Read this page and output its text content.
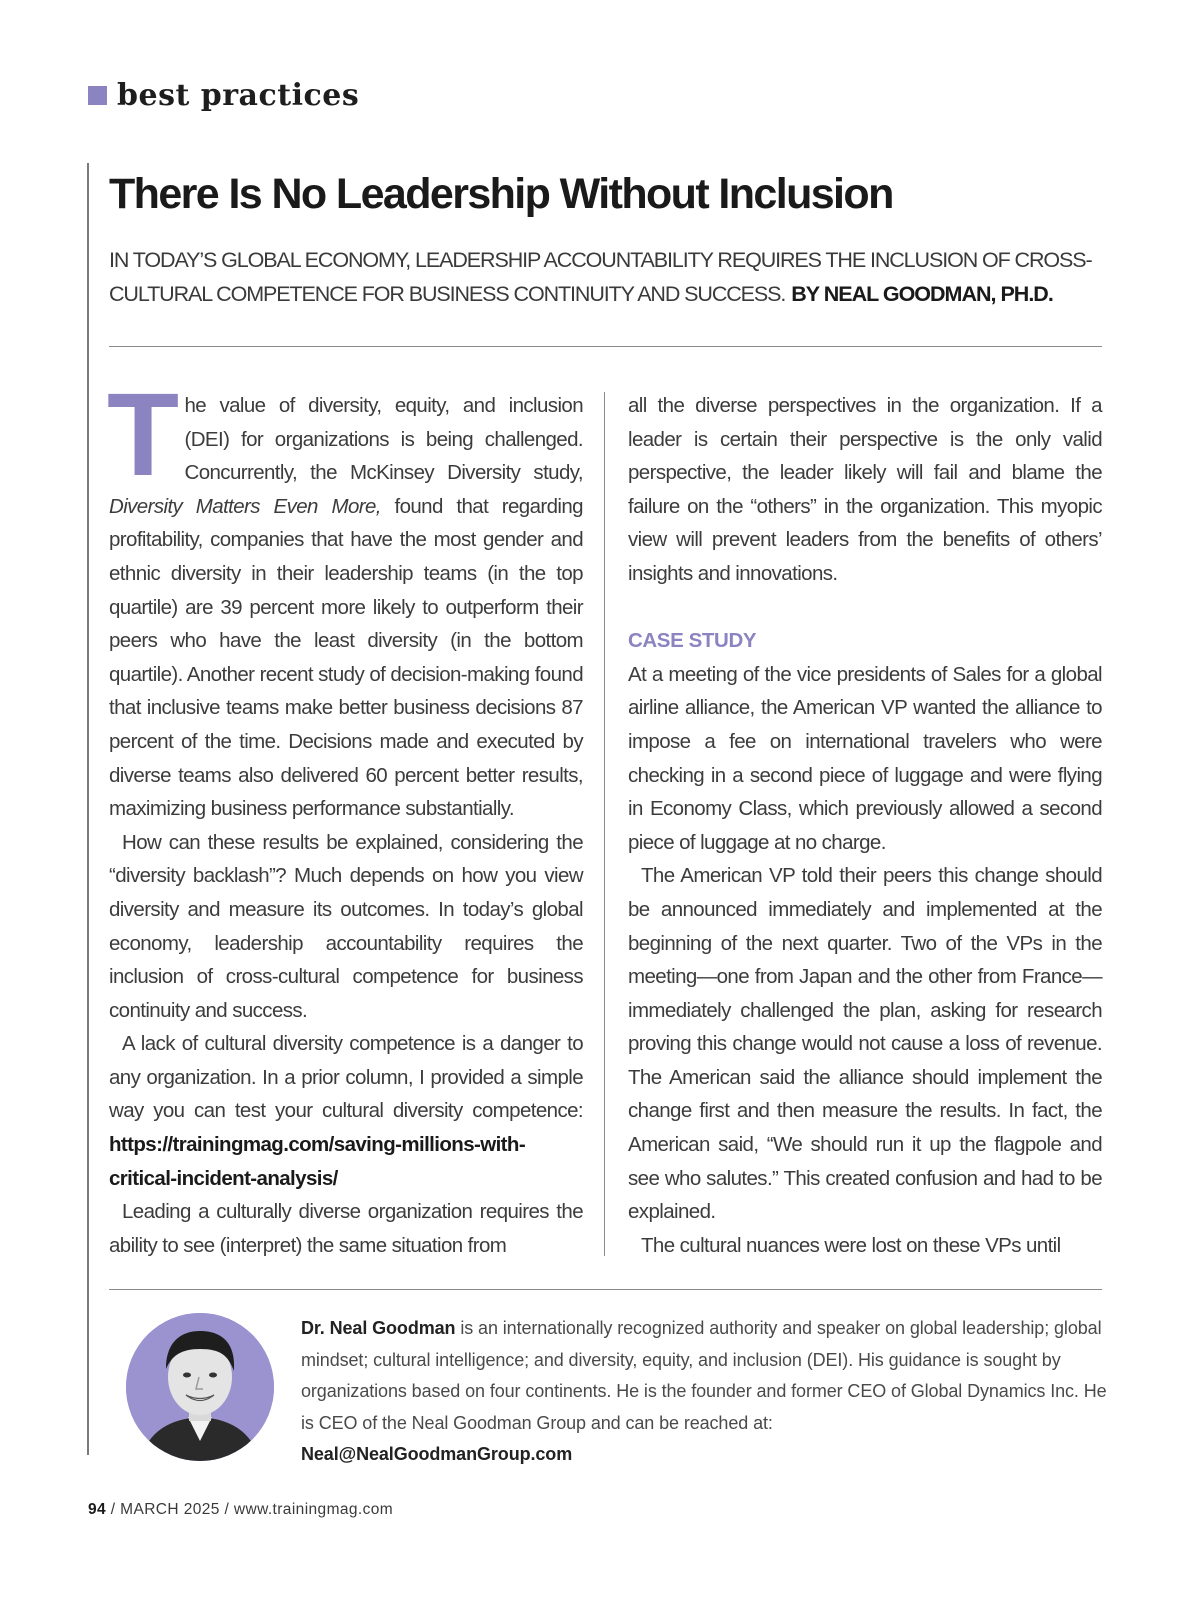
best practices
There Is No Leadership Without Inclusion

IN TODAY’S GLOBAL ECONOMY, LEADERSHIP ACCOUNTABILITY REQUIRES THE INCLUSION OF CROSS-CULTURAL COMPETENCE FOR BUSINESS CONTINUITY AND SUCCESS. BY NEAL GOODMAN, PH.D.

The value of diversity, equity, and inclusion (DEI) for organizations is being challenged. Concurrently, the McKinsey Diversity study, Diversity Matters Even More, found that regarding profitability, companies that have the most gender and ethnic diversity in their leadership teams (in the top quartile) are 39 percent more likely to outperform their peers who have the least diversity (in the bottom quartile). Another recent study of decision-making found that inclusive teams make better business decisions 87 percent of the time. Decisions made and executed by diverse teams also delivered 60 percent better results, maximizing business performance substantially.

How can these results be explained, considering the “diversity backlash”? Much depends on how you view diversity and measure its outcomes. In today’s global economy, leadership accountability requires the inclusion of cross-cultural competence for business continuity and success.

A lack of cultural diversity competence is a danger to any organization. In a prior column, I provided a simple way you can test your cultural diversity competence: https://trainingmag.com/saving-millions-with-critical-incident-analysis/

Leading a culturally diverse organization requires the ability to see (interpret) the same situation from

all the diverse perspectives in the organization. If a leader is certain their perspective is the only valid perspective, the leader likely will fail and blame the failure on the “others” in the organization. This myopic view will prevent leaders from the benefits of others’ insights and innovations.

CASE STUDY

At a meeting of the vice presidents of Sales for a global airline alliance, the American VP wanted the alliance to impose a fee on international travelers who were checking in a second piece of luggage and were flying in Economy Class, which previously allowed a second piece of luggage at no charge.

The American VP told their peers this change should be announced immediately and implemented at the beginning of the next quarter. Two of the VPs in the meeting—one from Japan and the other from France—immediately challenged the plan, asking for research proving this change would not cause a loss of revenue. The American said the alliance should implement the change first and then measure the results. In fact, the American said, “We should run it up the flagpole and see who salutes.” This created confusion and had to be explained.

The cultural nuances were lost on these VPs until

Dr. Neal Goodman is an internationally recognized authority and speaker on global leadership; global mindset; cultural intelligence; and diversity, equity, and inclusion (DEI). His guidance is sought by organizations based on four continents. He is the founder and former CEO of Global Dynamics Inc. He is CEO of the Neal Goodman Group and can be reached at:
Neal@NealGoodmanGroup.com

94 / MARCH 2025 / www.trainingmag.com
